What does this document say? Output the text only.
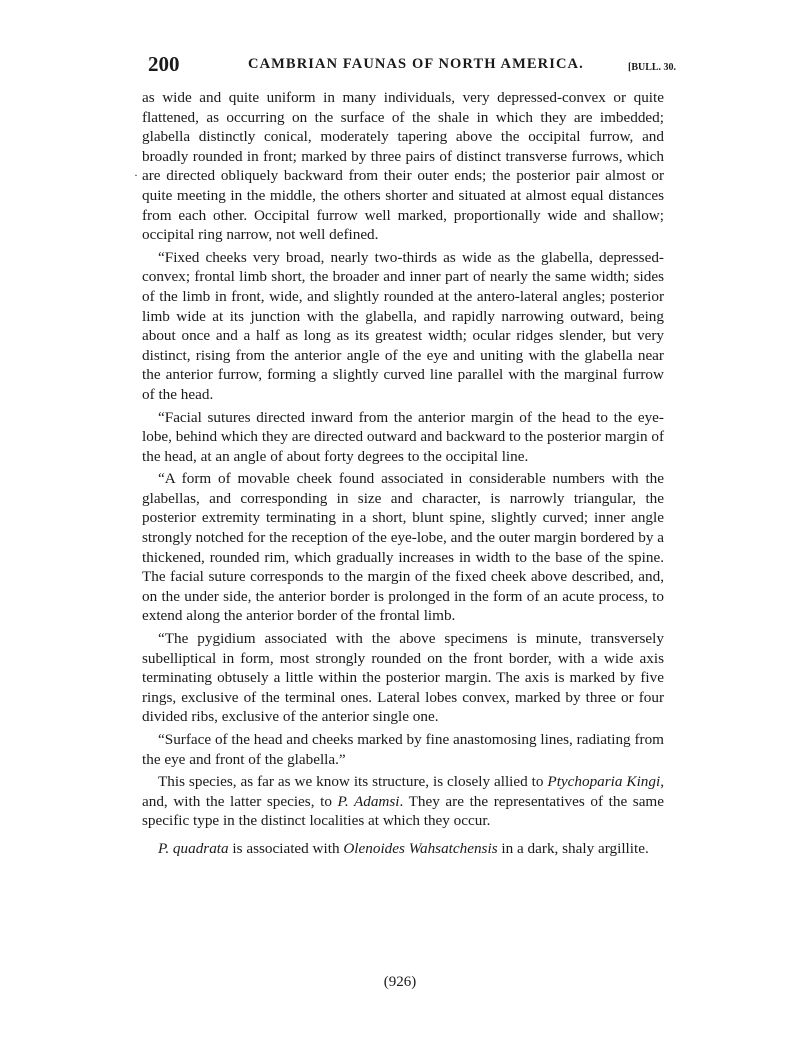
200	CAMBRIAN FAUNAS OF NORTH AMERICA.	[BULL. 30.
·

as wide and quite uniform in many individuals, very depressed-convex or quite flattened, as occurring on the surface of the shale in which they are imbedded; glabella distinctly conical, moderately tapering above the occipital furrow, and broadly rounded in front; marked by three pairs of distinct transverse furrows, which are directed obliquely backward from their outer ends; the posterior pair almost or quite meeting in the middle, the others shorter and situated at almost equal distances from each other. Occipital furrow well marked, proportionally wide and shallow; occipital ring narrow, not well defined.

“Fixed cheeks very broad, nearly two-thirds as wide as the glabella, depressed-convex; frontal limb short, the broader and inner part of nearly the same width; sides of the limb in front, wide, and slightly rounded at the antero-lateral angles; posterior limb wide at its junction with the glabella, and rapidly narrowing outward, being about once and a half as long as its greatest width; ocular ridges slender, but very distinct, rising from the anterior angle of the eye and uniting with the glabella near the anterior furrow, forming a slightly curved line parallel with the marginal furrow of the head.

“Facial sutures directed inward from the anterior margin of the head to the eye-lobe, behind which they are directed outward and backward to the posterior margin of the head, at an angle of about forty degrees to the occipital line.

“A form of movable cheek found associated in considerable numbers with the glabellas, and corresponding in size and character, is narrowly triangular, the posterior extremity terminating in a short, blunt spine, slightly curved; inner angle strongly notched for the reception of the eye-lobe, and the outer margin bordered by a thickened, rounded rim, which gradually increases in width to the base of the spine. The facial suture corresponds to the margin of the fixed cheek above described, and, on the under side, the anterior border is prolonged in the form of an acute process, to extend along the anterior border of the frontal limb.

“The pygidium associated with the above specimens is minute, transversely subelliptical in form, most strongly rounded on the front border, with a wide axis terminating obtusely a little within the posterior margin. The axis is marked by five rings, exclusive of the terminal ones. Lateral lobes convex, marked by three or four divided ribs, exclusive of the anterior single one.

“Surface of the head and cheeks marked by fine anastomosing lines, radiating from the eye and front of the glabella.”

This species, as far as we know its structure, is closely allied to Ptychoparia Kingi, and, with the latter species, to P. Adamsi. They are the representatives of the same specific type in the distinct localities at which they occur.

P. quadrata is associated with Olenoides Wahsatchensis in a dark, shaly argillite.

(926)
